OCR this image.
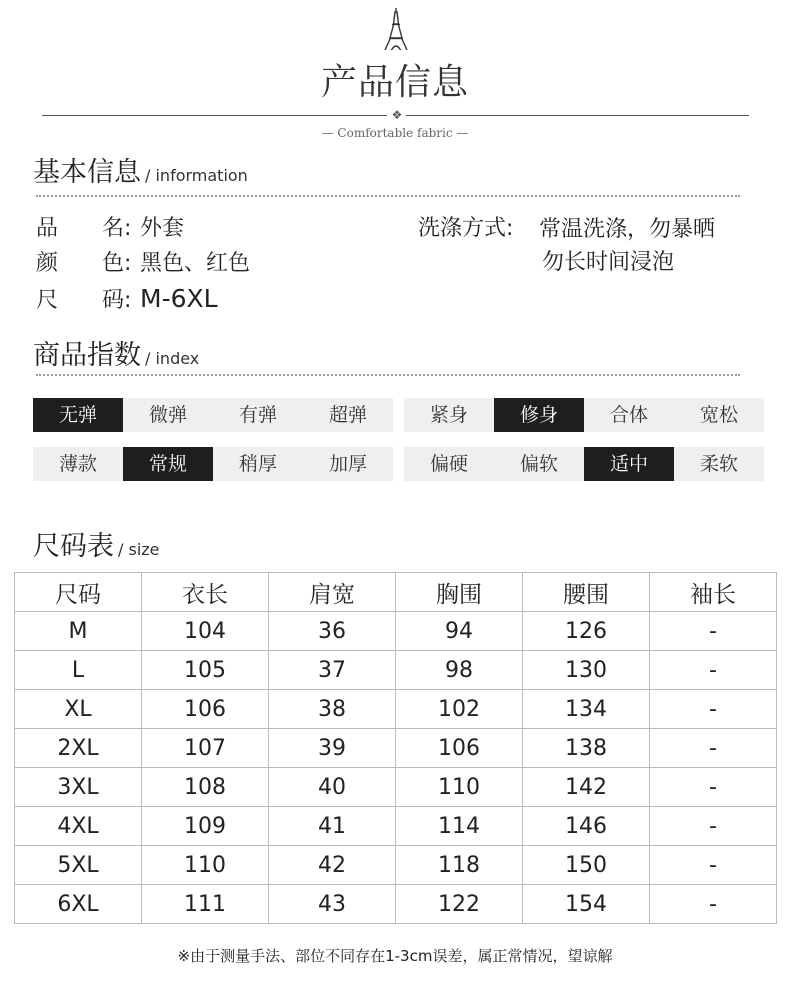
产品信息
❖
— Comfortable fabric —
基本信息 / information
品　　名: 外套
颜　　色: 黑色、红色
尺　　码: M-6XL
洗涤方式: 常温洗涤，勿暴晒
勿长时间浸泡
商品指数 / index
无弹	微弹	有弹	超弹	紧身	修身	合体	宽松
薄款	常规	稍厚	加厚	偏硬	偏软	适中	柔软
尺码表 / size
尺码	衣长	肩宽	胸围	腰围	袖长
M	104	36	94	126	-
L	105	37	98	130	-
XL	106	38	102	134	-
2XL	107	39	106	138	-
3XL	108	40	110	142	-
4XL	109	41	114	146	-
5XL	110	42	118	150	-
6XL	111	43	122	154	-
※由于测量手法、部位不同存在1-3cm误差，属正常情况，望谅解
